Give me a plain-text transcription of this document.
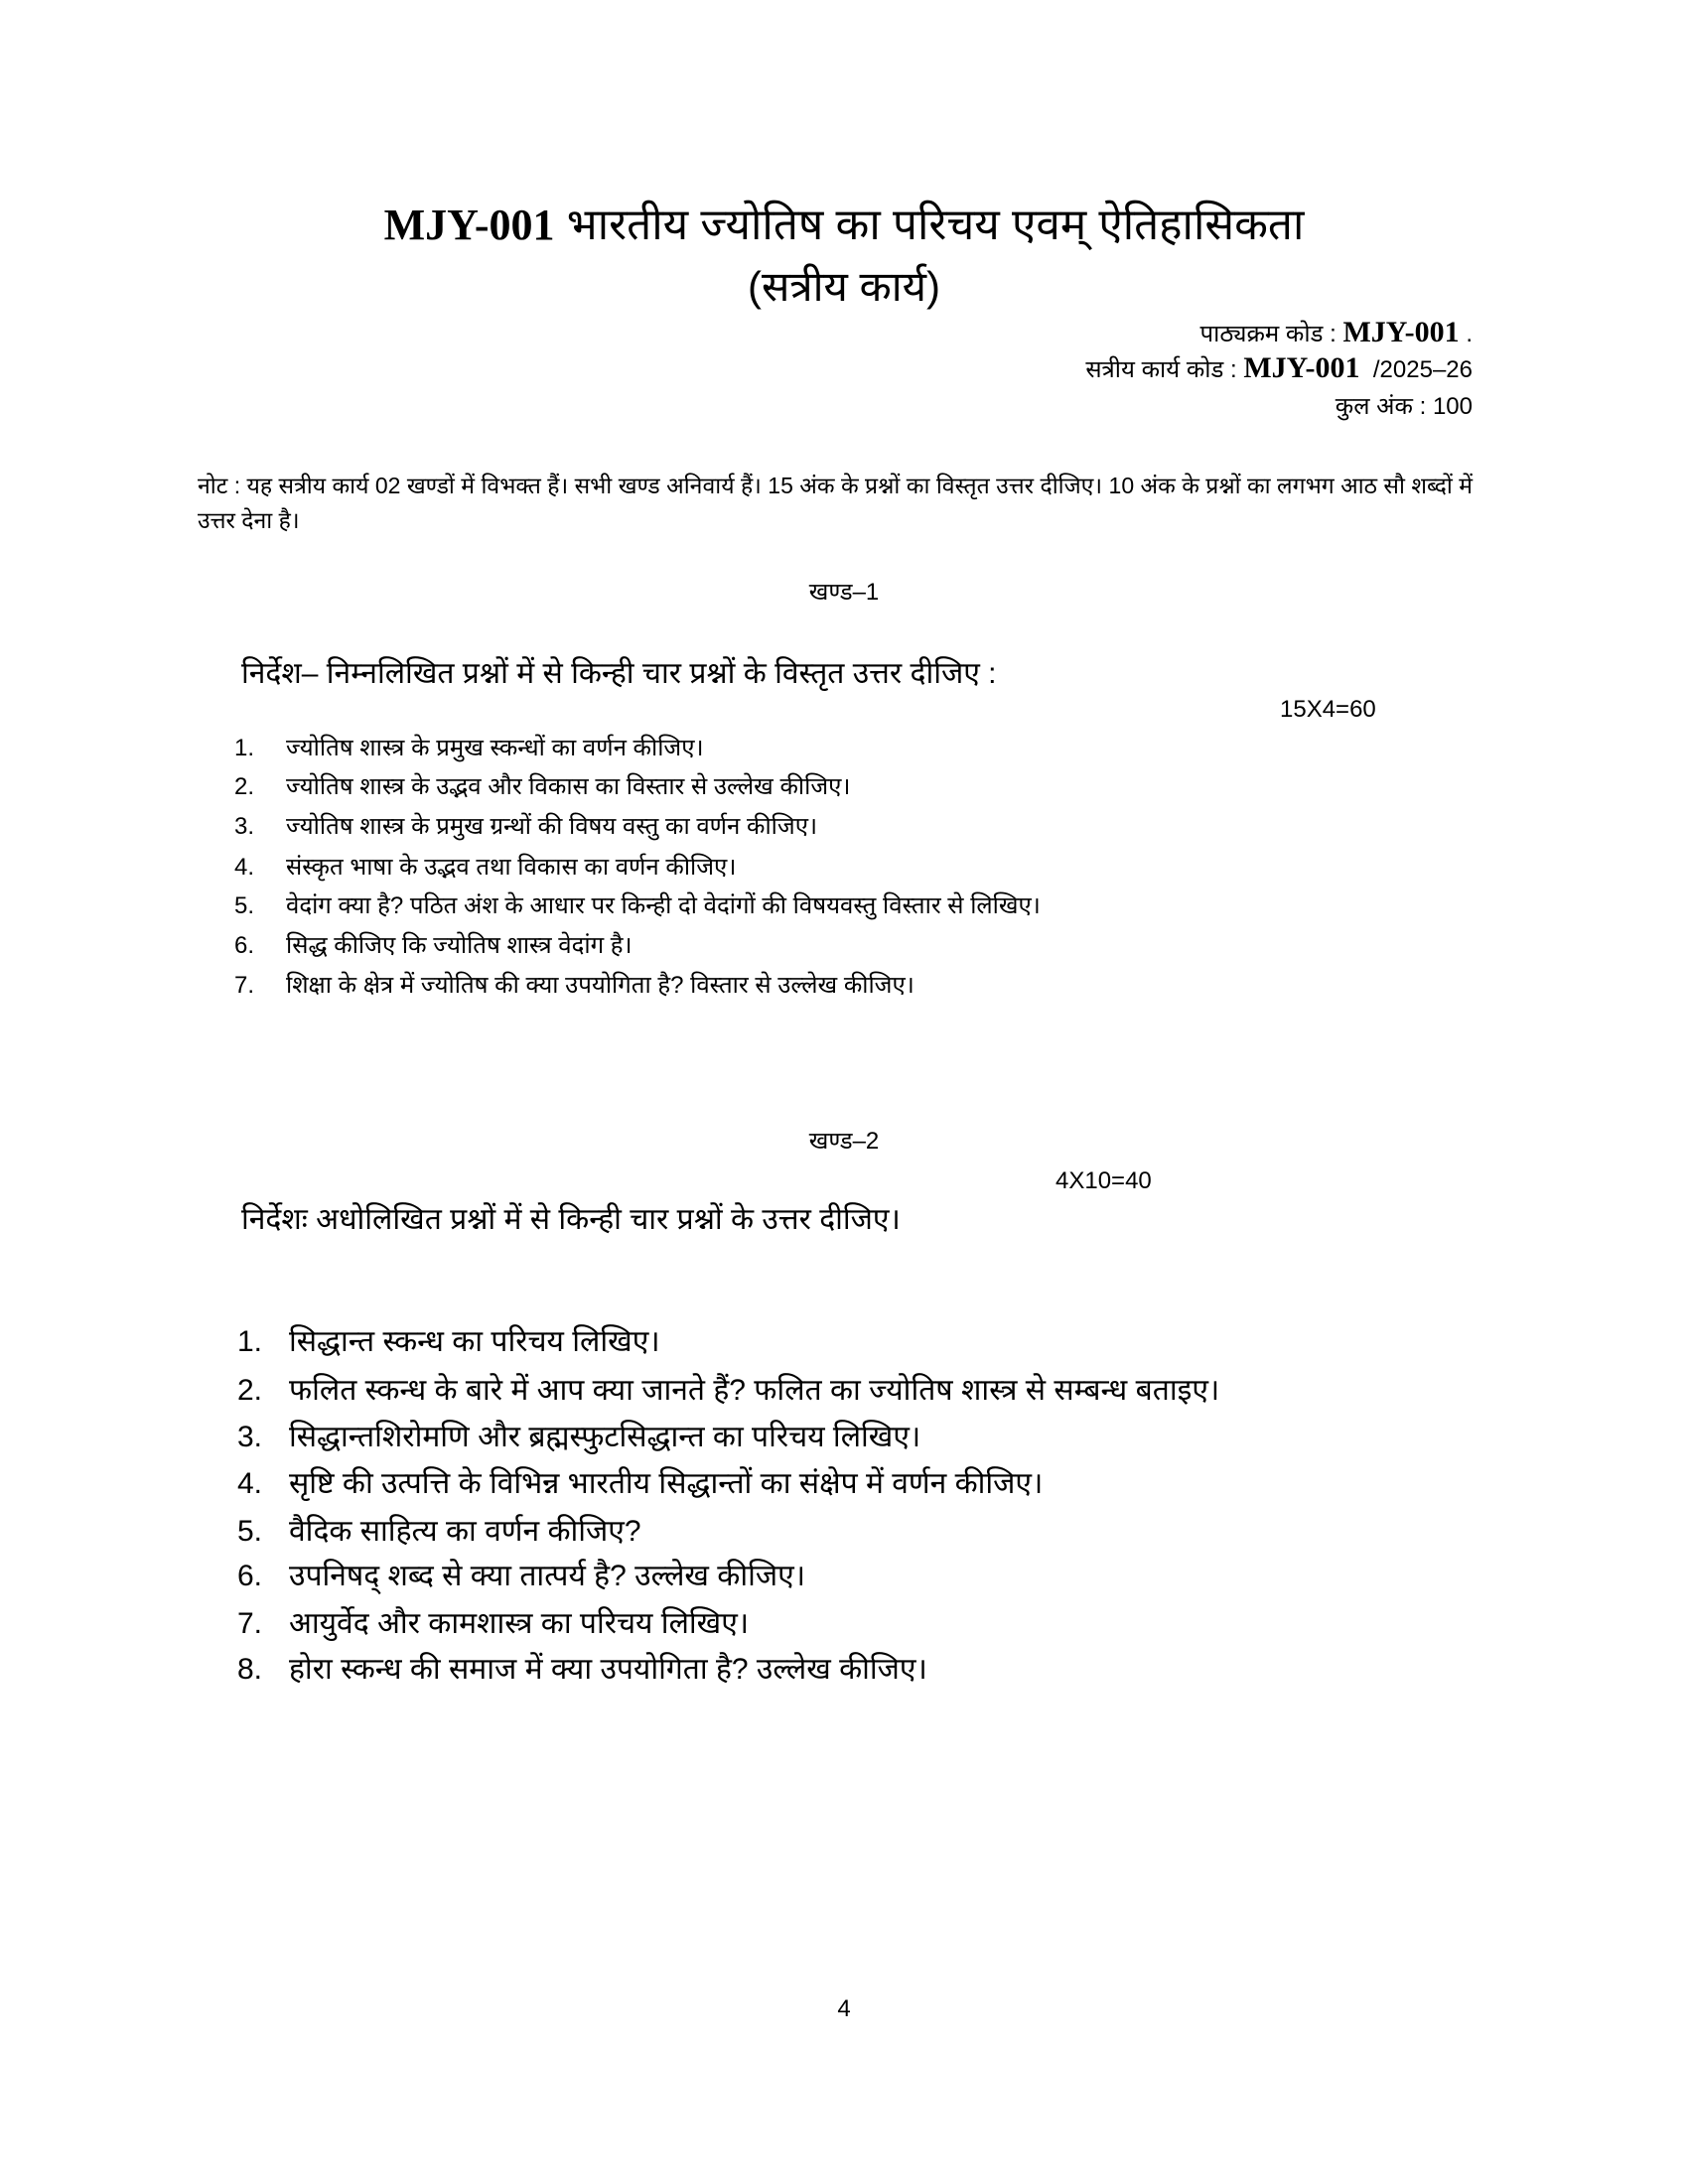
MJY-001 भारतीय ज्योतिष का परिचय एवम् ऐतिहासिकता
(सत्रीय कार्य)
पाठ्यक्रम कोड : MJY-001 .
सत्रीय कार्य कोड : MJY-001 /2025–26
कुल अंक : 100
नोट : यह सत्रीय कार्य 02 खण्डों में विभक्त हैं। सभी खण्ड अनिवार्य हैं। 15 अंक के प्रश्नों का विस्तृत उत्तर दीजिए। 10 अंक के प्रश्नों का लगभग आठ सौ शब्दों में उत्तर देना है।
खण्ड–1
निर्देश– निम्नलिखित प्रश्नों में से किन्ही चार प्रश्नों के विस्तृत उत्तर दीजिए :
15X4=60
1. ज्योतिष शास्त्र के प्रमुख स्कन्धों का वर्णन कीजिए।
2. ज्योतिष शास्त्र के उद्भव और विकास का विस्तार से उल्लेख कीजिए।
3. ज्योतिष शास्त्र के प्रमुख ग्रन्थों की विषय वस्तु का वर्णन कीजिए।
4. संस्कृत भाषा के उद्भव तथा विकास का वर्णन कीजिए।
5. वेदांग क्या है? पठित अंश के आधार पर किन्ही दो वेदांगों की विषयवस्तु विस्तार से लिखिए।
6. सिद्ध कीजिए कि ज्योतिष शास्त्र वेदांग है।
7. शिक्षा के क्षेत्र में ज्योतिष की क्या उपयोगिता है? विस्तार से उल्लेख कीजिए।
खण्ड–2
4X10=40
निर्देशः अधोलिखित प्रश्नों में से किन्ही चार प्रश्नों के उत्तर दीजिए।
1. सिद्धान्त स्कन्ध का परिचय लिखिए।
2. फलित स्कन्ध के बारे में आप क्या जानते हैं? फलित का ज्योतिष शास्त्र से सम्बन्ध बताइए।
3. सिद्धान्तशिरोमणि और ब्रह्मस्फुटसिद्धान्त का परिचय लिखिए।
4. सृष्टि की उत्पत्ति के विभिन्न भारतीय सिद्धान्तों का संक्षेप में वर्णन कीजिए।
5. वैदिक साहित्य का वर्णन कीजिए?
6. उपनिषद् शब्द से क्या तात्पर्य है? उल्लेख कीजिए।
7. आयुर्वेद और कामशास्त्र का परिचय लिखिए।
8. होरा स्कन्ध की समाज में क्या उपयोगिता है? उल्लेख कीजिए।
4
